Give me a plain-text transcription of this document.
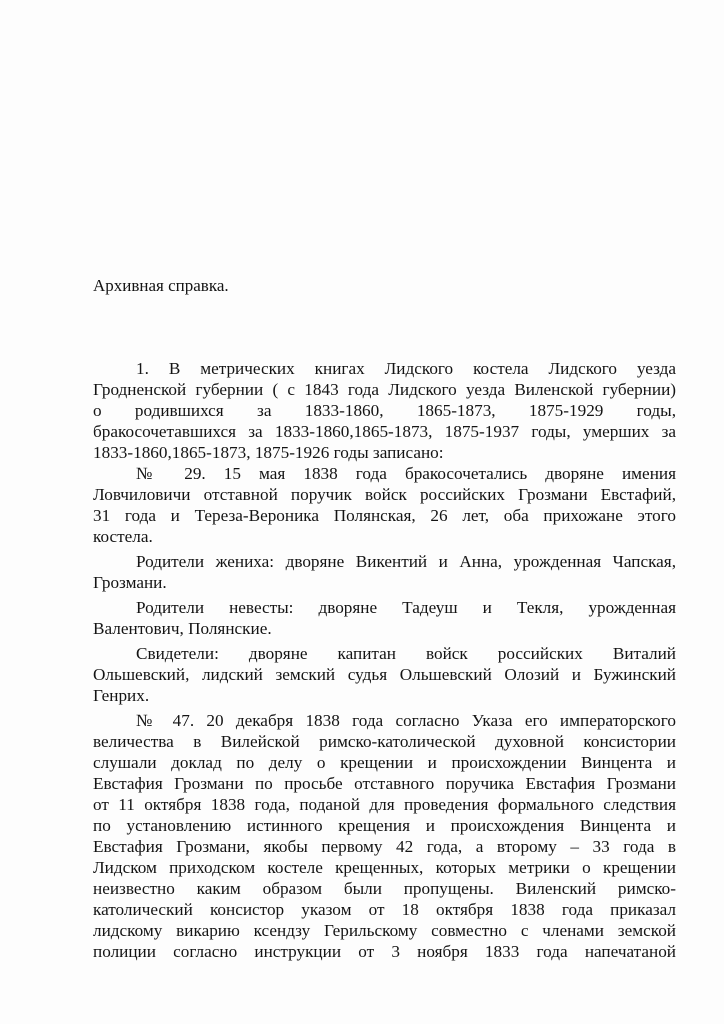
Архивная справка.
1. В метрических книгах Лидского костела Лидского уезда
Гродненской губернии ( с 1843 года Лидского уезда Виленской губернии)
о родившихся за 1833-1860, 1865-1873, 1875-1929 годы,
бракосочетавшихся за 1833-1860,1865-1873, 1875-1937 годы, умерших за
1833-1860,1865-1873, 1875-1926 годы записано:
№ 29. 15 мая 1838 года бракосочетались дворяне имения
Ловчиловичи отставной поручик войск российских Грозмани Евстафий,
31 года и Тереза-Вероника Полянская, 26 лет, оба прихожане этого
костела.
Родители жениха: дворяне Викентий и Анна, урожденная Чапская,
Грозмани.
Родители невесты: дворяне Тадеуш и Текля, урожденная
Валентович, Полянские.
Свидетели: дворяне капитан войск российских Виталий
Ольшевский, лидский земский судья Ольшевский Олозий и Бужинский
Генрих.
№ 47. 20 декабря 1838 года согласно Указа его императорского
величества в Вилейской римско-католической духовной консистории
слушали доклад по делу о крещении и происхождении Винцента и
Евстафия Грозмани по просьбе отставного поручика Евстафия Грозмани
от 11 октября 1838 года, поданой для проведения формального следствия
по установлению истинного крещения и происхождения Винцента и
Евстафия Грозмани, якобы первому 42 года, а второму – 33 года в
Лидском приходском костеле крещенных, которых метрики о крещении
неизвестно каким образом были пропущены. Виленский римско-
католический консистор указом от 18 октября 1838 года приказал
лидскому викарию ксендзу Герильскому совместно с членами земской
полиции согласно инструкции от 3 ноября 1833 года напечатаной
